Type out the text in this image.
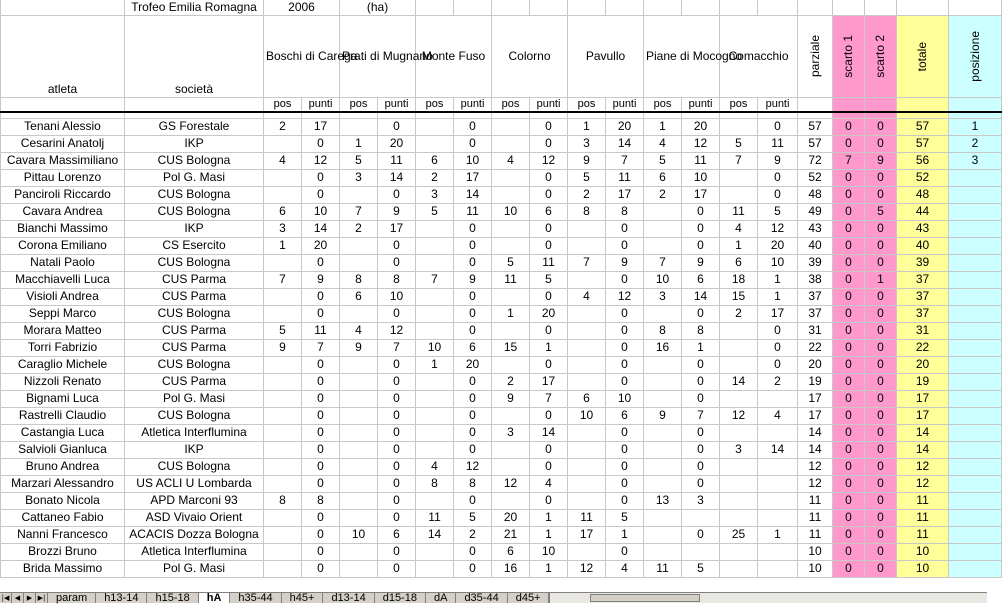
	Trofeo Emilia Romagna	2006		(ha)																
atleta	società	Boschi di Carega		Prati di Mugnano		Monte Fuso		Colorno		Pavullo		Piane di Mocogno		Comacchio		parziale	scarto 1	scarto 2	totale	posizione

		pos	punti	pos	punti	pos	punti	pos	punti	pos	punti	pos	punti	pos	punti					

Tenani Alessio	GS Forestale	2	17		0		0		0	1	20	1	20		0	57	0	0	57	1
Cesarini Anatolj	IKP		0	1	20		0		0	3	14	4	12	5	11	57	0	0	57	2
Cavara Massimiliano	CUS Bologna	4	12	5	11	6	10	4	12	9	7	5	11	7	9	72	7	9	56	3
Pittau Lorenzo	Pol G. Masi		0	3	14	2	17		0	5	11	6	10		0	52	0	0	52	
Panciroli Riccardo	CUS Bologna		0		0	3	14		0	2	17	2	17		0	48	0	0	48	
Cavara Andrea	CUS Bologna	6	10	7	9	5	11	10	6	8	8		0	11	5	49	0	5	44	
Bianchi Massimo	IKP	3	14	2	17		0		0		0		0	4	12	43	0	0	43	
Corona Emiliano	CS Esercito	1	20		0		0		0		0		0	1	20	40	0	0	40	
Natali Paolo	CUS Bologna		0		0		0	5	11	7	9	7	9	6	10	39	0	0	39	
Macchiavelli Luca	CUS Parma	7	9	8	8	7	9	11	5		0	10	6	18	1	38	0	1	37	
Visioli Andrea	CUS Parma		0	6	10		0		0	4	12	3	14	15	1	37	0	0	37	
Seppi Marco	CUS Bologna		0		0		0	1	20		0		0	2	17	37	0	0	37	
Morara Matteo	CUS Parma	5	11	4	12		0		0		0	8	8		0	31	0	0	31	
Torri Fabrizio	CUS Parma	9	7	9	7	10	6	15	1		0	16	1		0	22	0	0	22	
Caraglio Michele	CUS Bologna		0		0	1	20		0		0		0		0	20	0	0	20	
Nizzoli Renato	CUS Parma		0		0		0	2	17		0		0	14	2	19	0	0	19	
Bignami Luca	Pol G. Masi		0		0		0	9	7	6	10		0			17	0	0	17	
Rastrelli Claudio	CUS Bologna		0		0		0		0	10	6	9	7	12	4	17	0	0	17	
Castangia Luca	Atletica Interflumina		0		0		0	3	14		0		0			14	0	0	14	
Salvioli Gianluca	IKP		0		0		0		0		0		0	3	14	14	0	0	14	
Bruno Andrea	CUS Bologna		0		0	4	12		0		0		0			12	0	0	12	
Marzari Alessandro	US ACLI U Lombarda		0		0	8	8	12	4		0		0			12	0	0	12	
Bonato Nicola	APD Marconi 93	8	8		0		0		0		0	13	3			11	0	0	11	
Cattaneo Fabio	ASD Vivaio Orient		0		0	11	5	20	1	11	5					11	0	0	11	
Nanni Francesco	ACACIS Dozza Bologna		0	10	6	14	2	21	1	17	1		0	25	1	11	0	0	11	
Brozzi Bruno	Atletica Interflumina		0		0		0	6	10		0					10	0	0	10	
Brida Massimo	Pol G. Masi		0		0		0	16	1	12	4	11	5			10	0	0	10	
|◀ ◀ ▶ ▶| param	h13-14	h15-18	hA	h35-44	h45+	d13-14	d15-18	dA	d35-44	d45+
